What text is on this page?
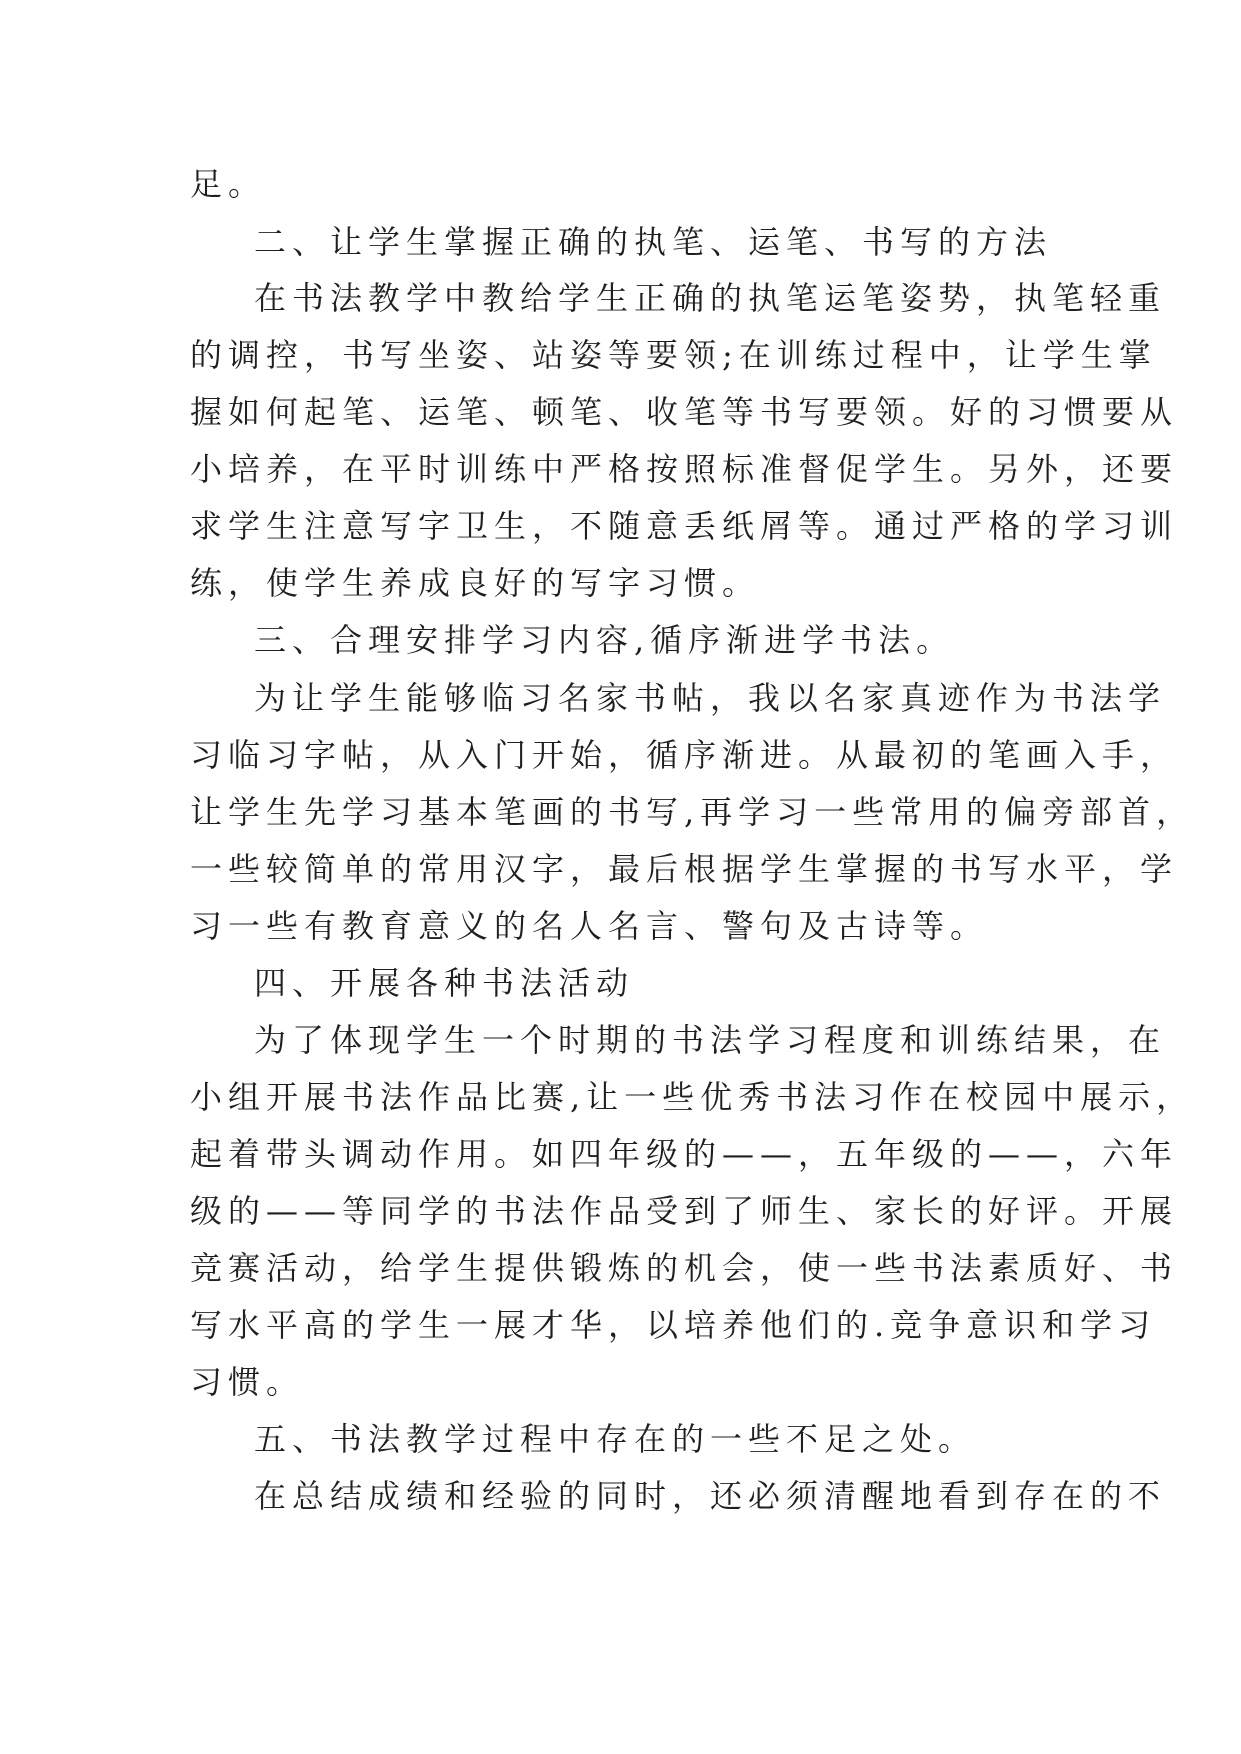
足。
二、让学生掌握正确的执笔、运笔、书写的方法
在书法教学中教给学生正确的执笔运笔姿势，执笔轻重
的调控，书写坐姿、站姿等要领;在训练过程中，让学生掌
握如何起笔、运笔、顿笔、收笔等书写要领。好的习惯要从
小培养，在平时训练中严格按照标准督促学生。另外，还要
求学生注意写字卫生，不随意丢纸屑等。通过严格的学习训
练，使学生养成良好的写字习惯。
三、合理安排学习内容,循序渐进学书法。
为让学生能够临习名家书帖，我以名家真迹作为书法学
习临习字帖，从入门开始，循序渐进。从最初的笔画入手，
让学生先学习基本笔画的书写,再学习一些常用的偏旁部首，
一些较简单的常用汉字，最后根据学生掌握的书写水平，学
习一些有教育意义的名人名言、警句及古诗等。
四、开展各种书法活动
为了体现学生一个时期的书法学习程度和训练结果，在
小组开展书法作品比赛,让一些优秀书法习作在校园中展示，
起着带头调动作用。如四年级的——，五年级的——，六年
级的——等同学的书法作品受到了师生、家长的好评。开展
竞赛活动，给学生提供锻炼的机会，使一些书法素质好、书
写水平高的学生一展才华，以培养他们的.竞争意识和学习
习惯。
五、书法教学过程中存在的一些不足之处。
在总结成绩和经验的同时，还必须清醒地看到存在的不
